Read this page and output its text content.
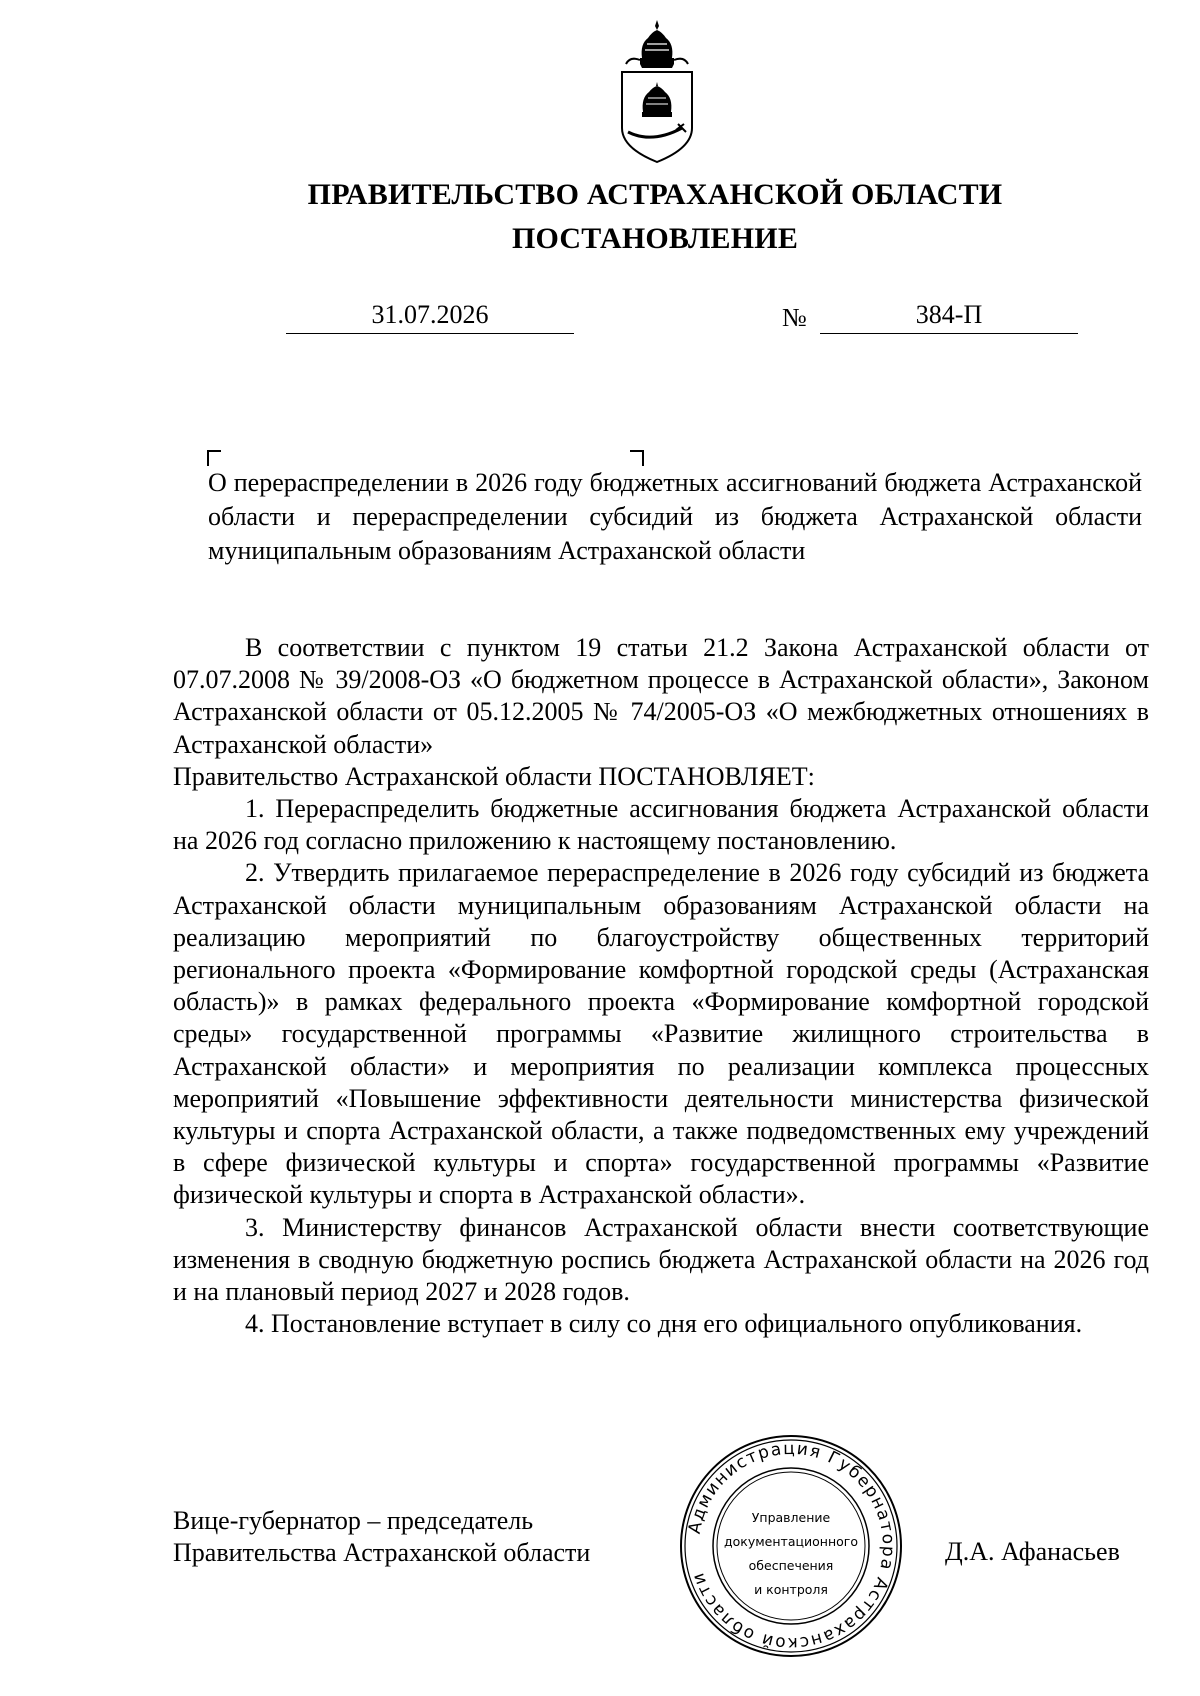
ПРАВИТЕЛЬСТВО АСТРАХАНСКОЙ ОБЛАСТИ
ПОСТАНОВЛЕНИЕ
31.07.2026	№	384-П
О перераспределении в 2026 году бюджетных ассигнований бюджета Астраханской области и перераспределении субсидий из бюджета Астраханской области муниципальным образованиям Астраханской области

В соответствии с пунктом 19 статьи 21.2 Закона Астраханской области от 07.07.2008 № 39/2008-ОЗ «О бюджетном процессе в Астраханской области», Законом Астраханской области от 05.12.2005 № 74/2005-ОЗ «О межбюджетных отношениях в Астраханской области»

Правительство Астраханской области ПОСТАНОВЛЯЕТ:

1. Перераспределить бюджетные ассигнования бюджета Астраханской области на 2026 год согласно приложению к настоящему постановлению.

2. Утвердить прилагаемое перераспределение в 2026 году субсидий из бюджета Астраханской области муниципальным образованиям Астраханской области на реализацию мероприятий по благоустройству общественных территорий регионального проекта «Формирование комфортной городской среды (Астраханская область)» в рамках федерального проекта «Формирование комфортной городской среды» государственной программы «Развитие жилищного строительства в Астраханской области» и мероприятия по реализации комплекса процессных мероприятий «Повышение эффективности деятельности министерства физической культуры и спорта Астраханской области, а также подведомственных ему учреждений в сфере физической культуры и спорта» государственной программы «Развитие физической культуры и спорта в Астраханской области».

3. Министерству финансов Астраханской области внести соответствующие изменения в сводную бюджетную роспись бюджета Астраханской области на 2026 год и на плановый период 2027 и 2028 годов.

4. Постановление вступает в силу со дня его официального опубликования.

Вице-губернатор – председатель
Правительства Астраханской области	Д.А. Афанасьев
Администрация Губернатора Астраханской области
Управление
документационного
обеспечения
и контроля
